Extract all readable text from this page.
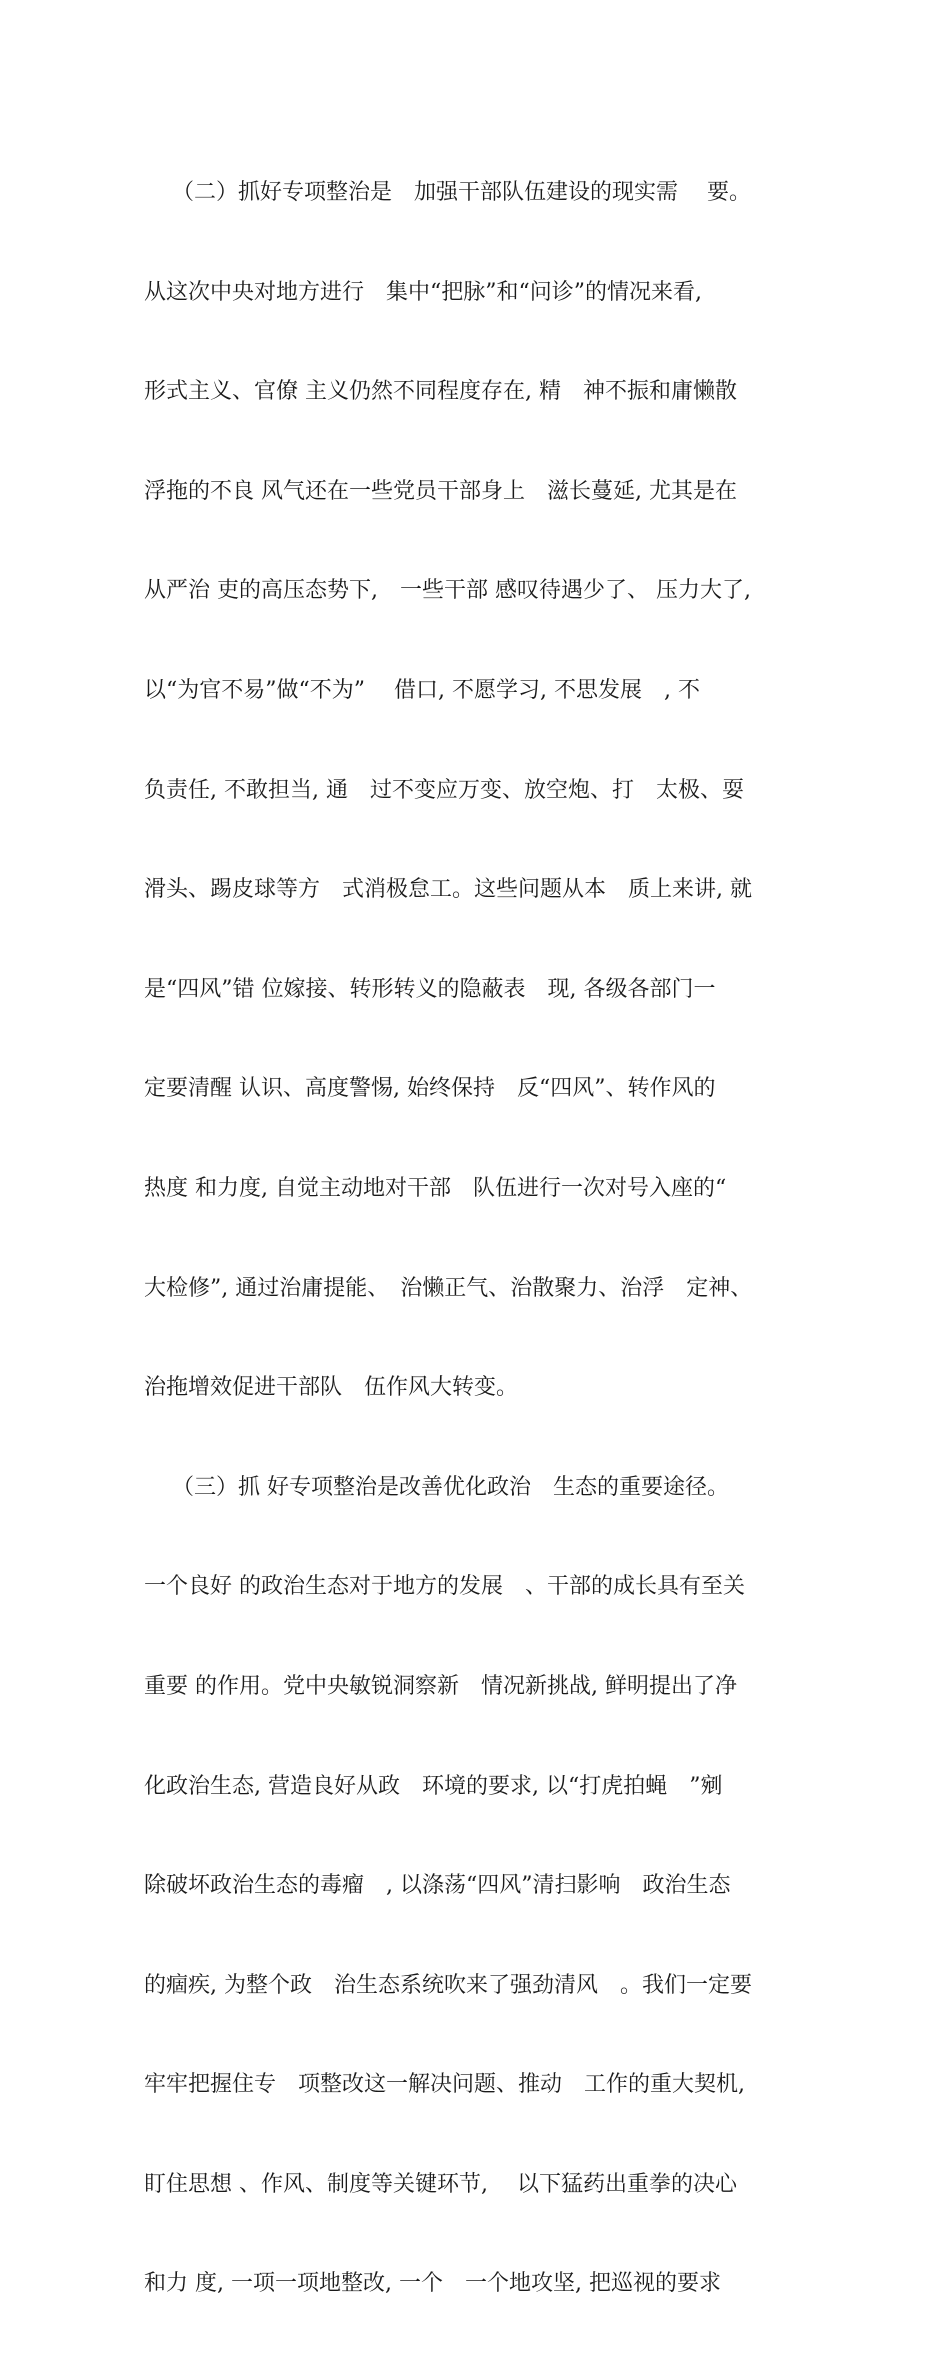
（二）抓好专项整治是　加强干部队伍建设的现实需　 要。

从这次中央对地方进行　集中“把脉”和“问诊”的情况来看,

形式主义、官僚 主义仍然不同程度存在, 精　神不振和庸懒散

浮拖的不良 风气还在一些党员干部身上　滋长蔓延, 尤其是在

从严治 吏的高压态势下,　一些干部 感叹待遇少了、 压力大了,

以“为官不易”做“不为”　 借口, 不愿学习, 不思发展　, 不

负责任, 不敢担当, 通　过不变应万变、放空炮、打　太极、耍

滑头、踢皮球等方　式消极怠工。这些问题从本　质上来讲, 就

是“四风”错 位嫁接、转形转义的隐蔽表　现, 各级各部门一

定要清醒 认识、高度警惕, 始终保持　反“四风”、转作风的

热度 和力度, 自觉主动地对干部　队伍进行一次对号入座的“

大检修”, 通过治庸提能、　治懒正气、治散聚力、治浮　定神、

治拖增效促进干部队　伍作风大转变。

（三）抓 好专项整治是改善优化政治　生态的重要途径。

一个良好 的政治生态对于地方的发展　、干部的成长具有至关

重要 的作用。党中央敏锐洞察新　情况新挑战, 鲜明提出了净

化政治生态, 营造良好从政　环境的要求, 以“打虎拍蝇　”剜

除破坏政治生态的毒瘤　, 以涤荡“四风”清扫影响　政治生态

的痼疾, 为整个政　治生态系统吹来了强劲清风　。我们一定要

牢牢把握住专　项整改这一解决问题、推动　工作的重大契机,

盯住思想 、作风、制度等关键环节,　 以下猛药出重拳的决心

和力 度, 一项一项地整改, 一个　一个地攻坚, 把巡视的要求
